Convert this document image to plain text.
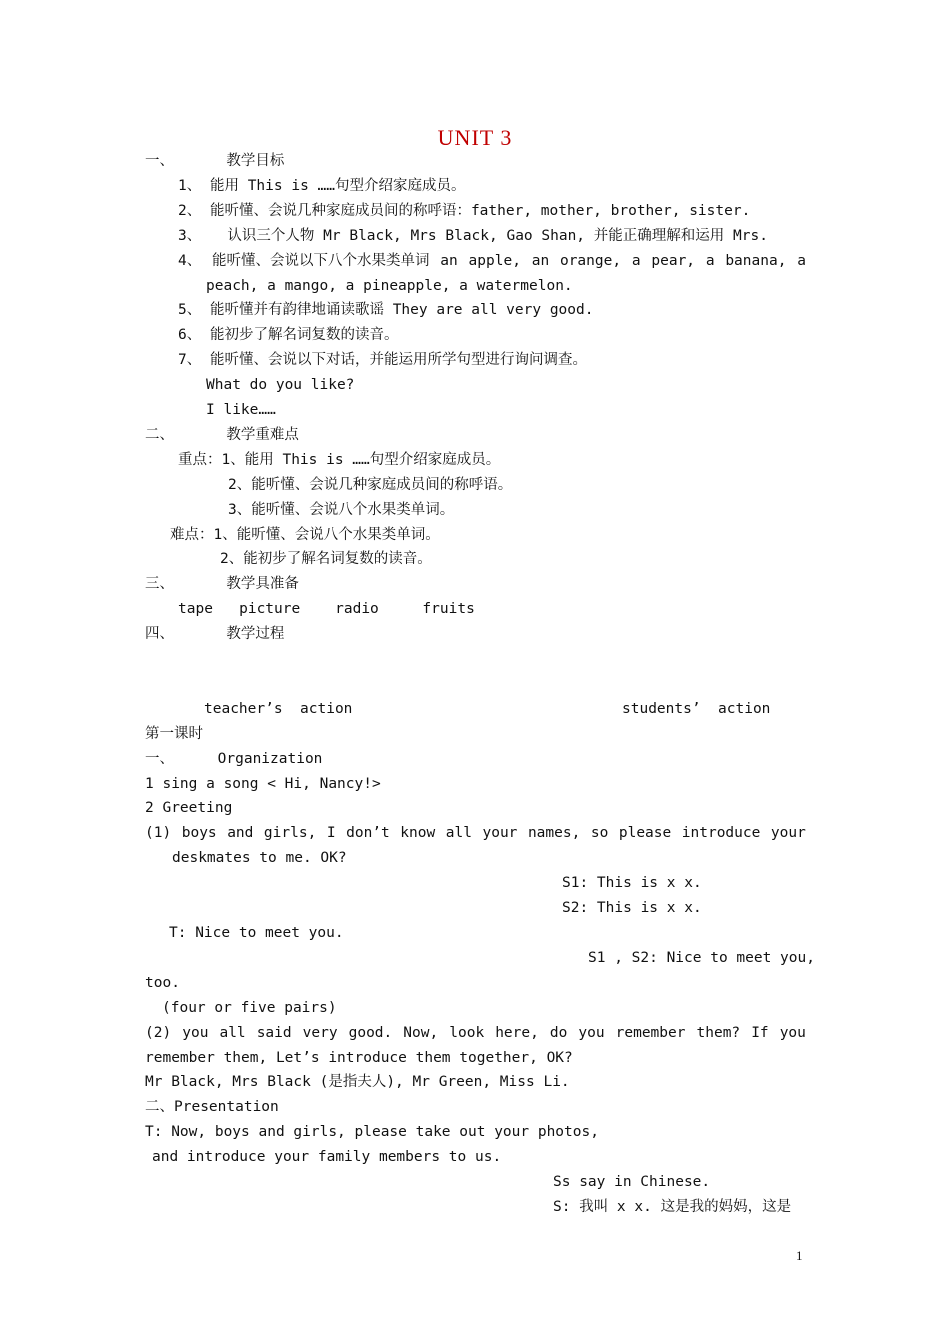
UNIT 3
一、      教学目标
1、 能用 This is ……句型介绍家庭成员。
2、 能听懂、会说几种家庭成员间的称呼语：father, mother, brother, sister.
3、   认识三个人物 Mr Black, Mrs Black, Gao Shan, 并能正确理解和运用 Mrs.
4、 能听懂、会说以下八个水果类单词 an apple, an orange, a pear, a banana, a
peach, a mango, a pineapple, a watermelon.
5、 能听懂并有韵律地诵读歌谣 They are all very good.
6、 能初步了解名词复数的读音。
7、 能听懂、会说以下对话，并能运用所学句型进行询问调查。
What do you like?
I like……
二、      教学重难点
重点：1、能用 This is ……句型介绍家庭成员。
2、能听懂、会说几种家庭成员间的称呼语。
3、能听懂、会说八个水果类单词。
难点：1、能听懂、会说八个水果类单词。
2、能初步了解名词复数的读音。
三、      教学具准备
tape   picture    radio     fruits
四、      教学过程
teacher’s  action	students’  action
第一课时
一、     Organization
1 sing a song < Hi, Nancy!>
2 Greeting
(1) boys and girls, I don’t know all your names, so please introduce your
deskmates to me. OK?
S1: This is x x.
S2: This is x x.
T: Nice to meet you.
S1 , S2: Nice to meet you,
too.
(four or five pairs)
(2) you all said very good. Now, look here, do you remember them? If you
remember them, Let’s introduce them together, OK?
Mr Black, Mrs Black (是指夫人), Mr Green, Miss Li.
二、Presentation
T: Now, boys and girls, please take out your photos,
and introduce your family members to us.
Ss say in Chinese.
S: 我叫 x x. 这是我的妈妈，这是
1
